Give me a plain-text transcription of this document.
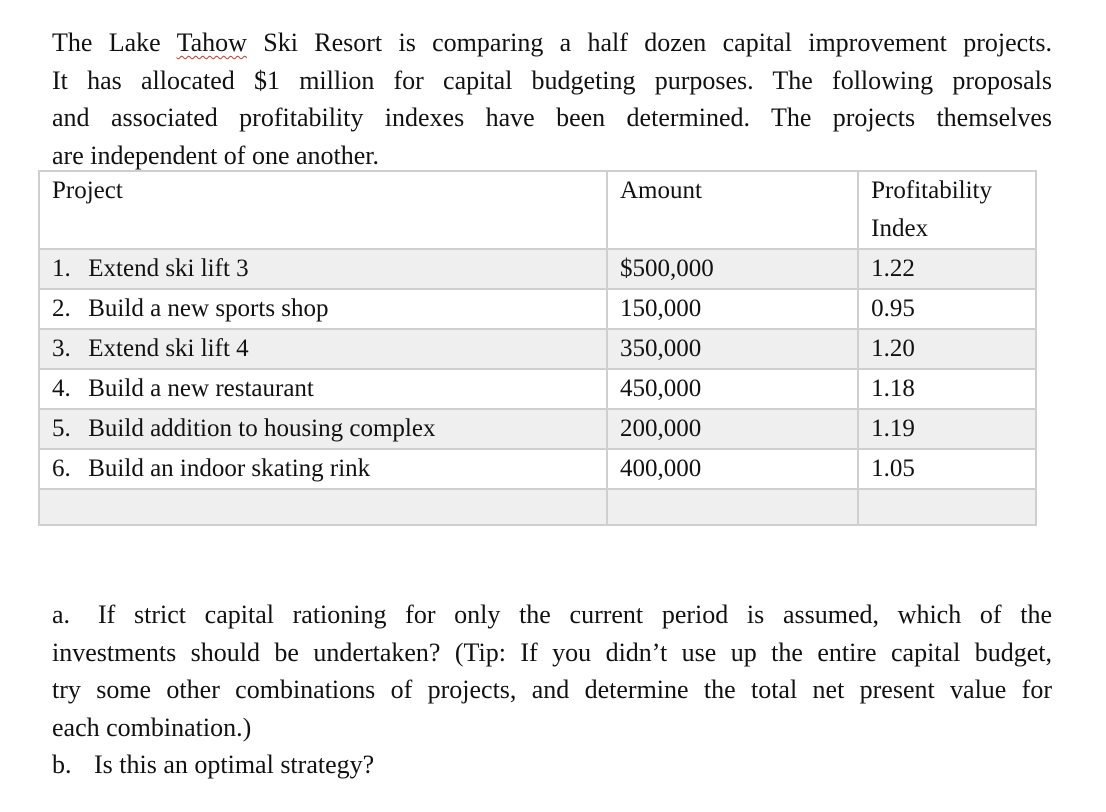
The Lake Tahow Ski Resort is comparing a half dozen capital improvement projects.
It has allocated $1 million for capital budgeting purposes. The following proposals
and associated profitability indexes have been determined. The projects themselves
are independent of one another.
Project	Amount	Profitability
Index
1. Extend ski lift 3	$500,000	1.22
2. Build a new sports shop	150,000	0.95
3. Extend ski lift 4	350,000	1.20
4. Build a new restaurant	450,000	1.18
5. Build addition to housing complex	200,000	1.19
6. Build an indoor skating rink	400,000	1.05

a. If strict capital rationing for only the current period is assumed, which of the
investments should be undertaken? (Tip: If you didn’t use up the entire capital budget,
try some other combinations of projects, and determine the total net present value for
each combination.)
b. Is this an optimal strategy?
